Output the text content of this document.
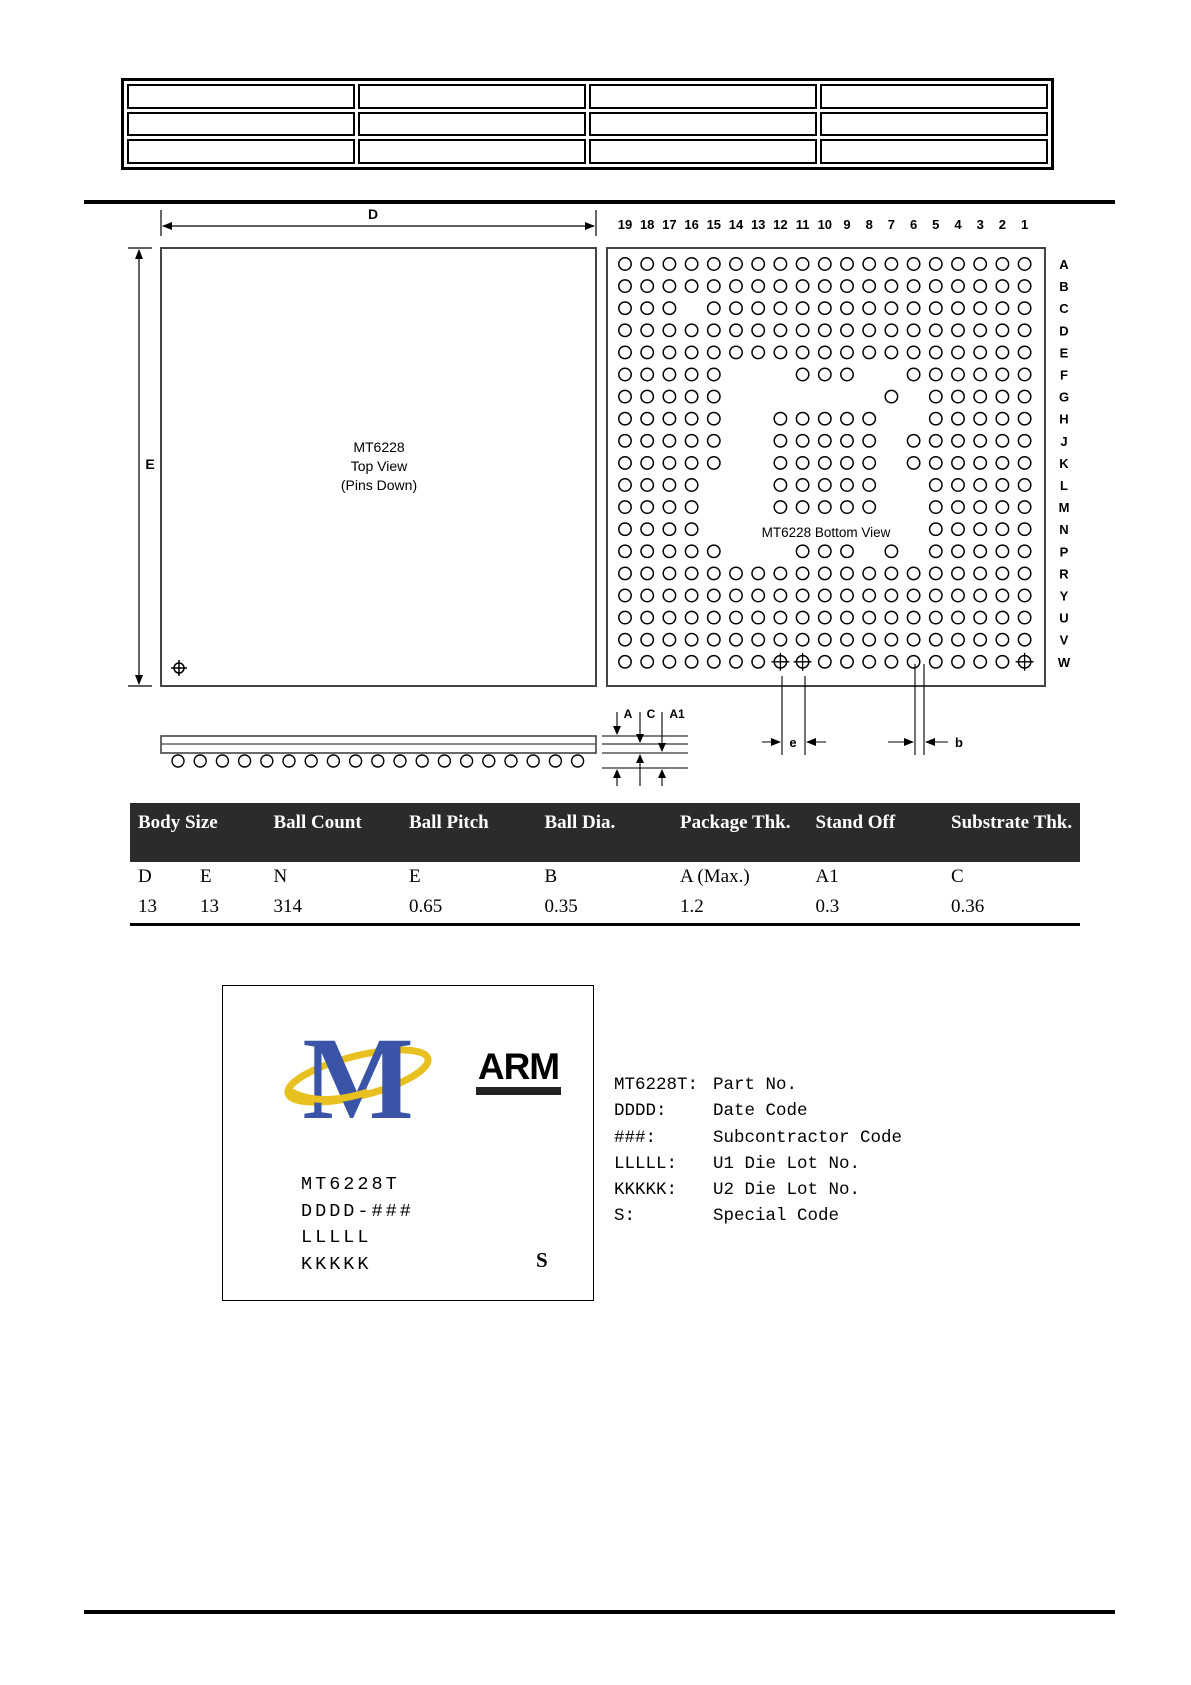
MT6228
Top View
(Pins Down)
D
E
19 18 17 16 15 14 13 12 11 10 9 8 7 6 5 4 3 2 1
A
B
C
D
E
F
G
H
J
K
L
M
N
P
R
Y
U
V
W
MT6228 Bottom View
e	b
A C A1
Body Size	Ball Count	Ball Pitch	Ball Dia.	Package Thk.	Stand Off	Substrate Thk.
D	E	N	E	B	A (Max.)	A1	C
13	13	314	0.65	0.35	1.2	0.3	0.36
M ARM
MT6228T
DDDD-###
LLLLL
KKKKK	S
MT6228T: Part No.
DDDD:	Date Code
###:	Subcontractor Code
LLLLL:	U1 Die Lot No.
KKKKK:	U2 Die Lot No.
S:	Special Code
